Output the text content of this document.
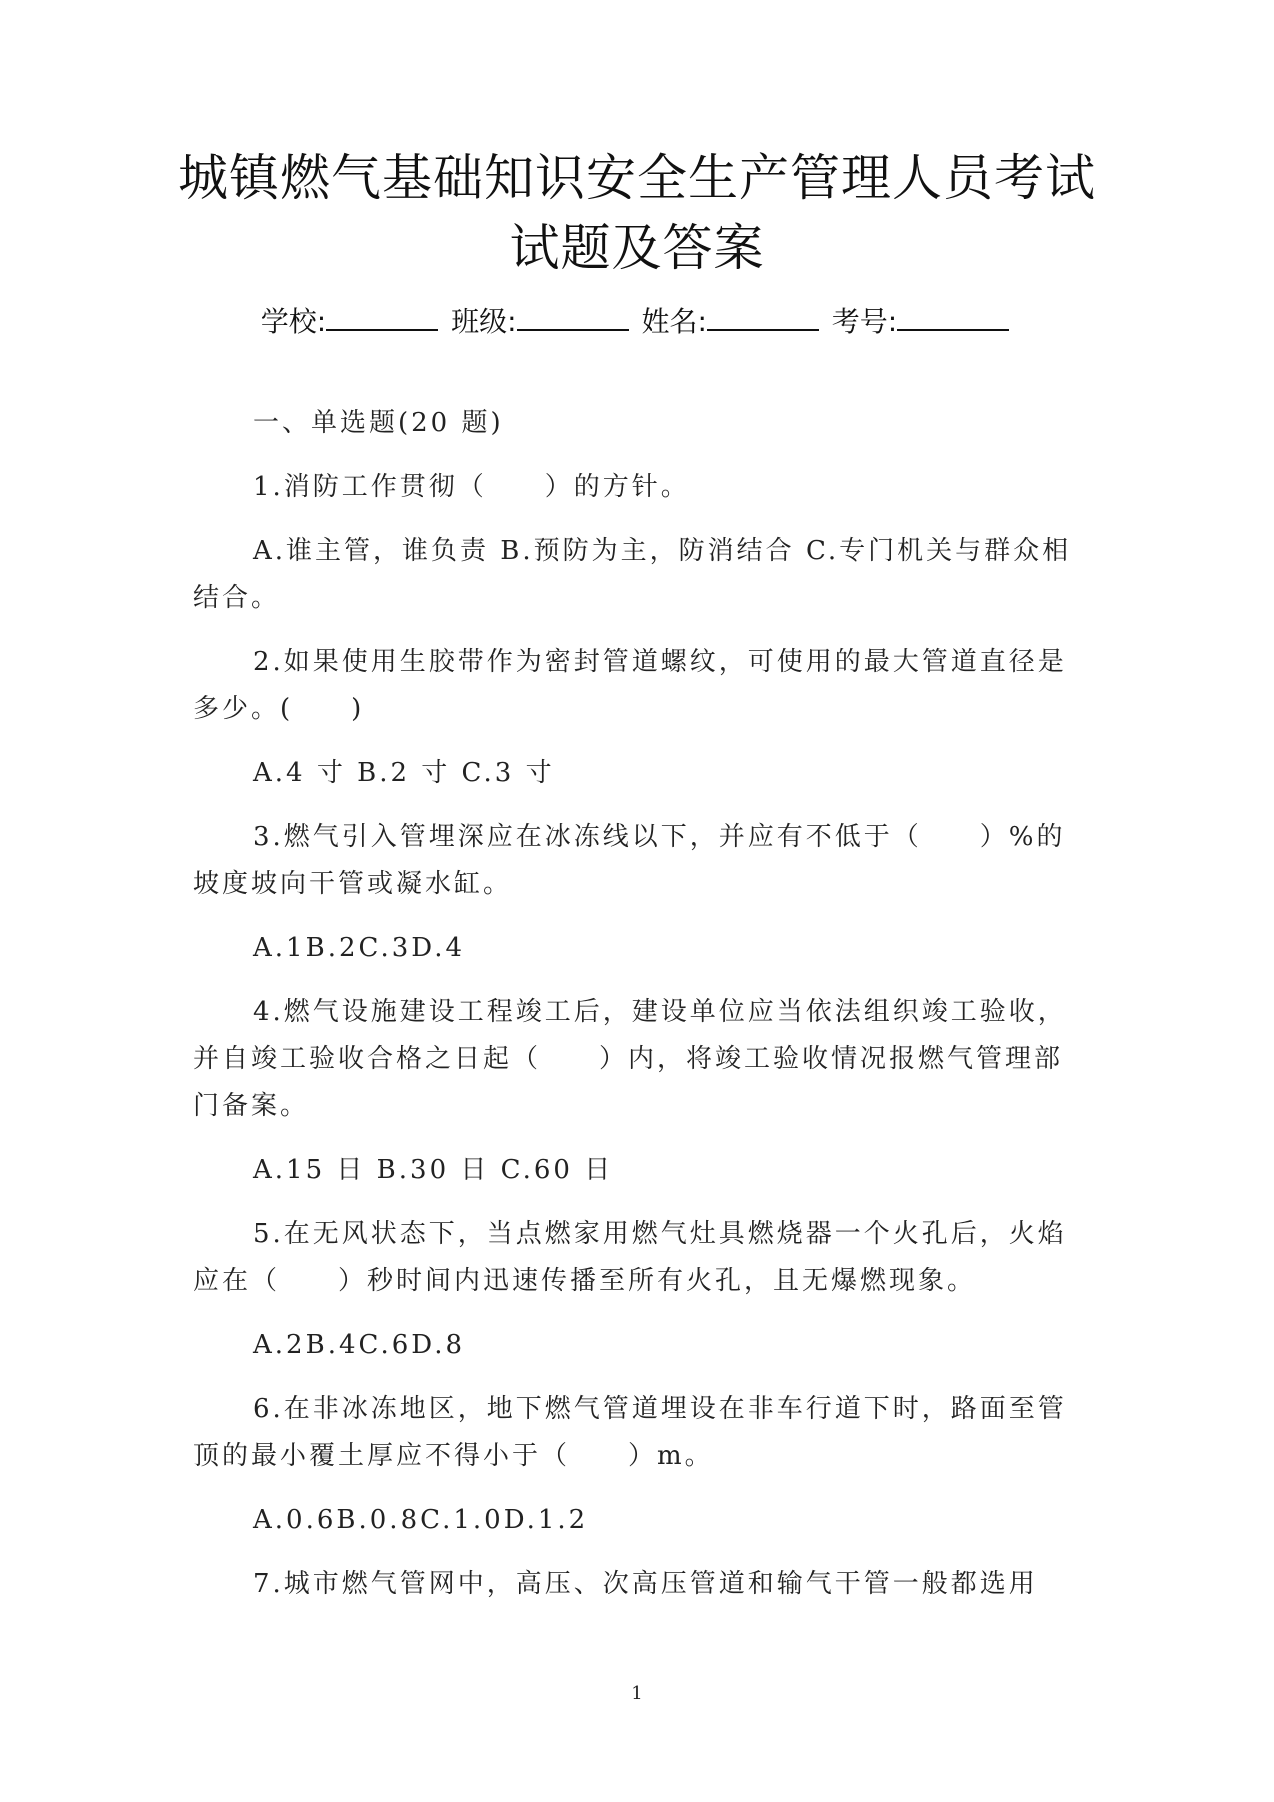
城镇燃气基础知识安全生产管理人员考试
试题及答案
学校:	班级:	姓名:	考号:
一、单选题(20 题)
1.消防工作贯彻（　　）的方针。
A.谁主管，谁负责 B.预防为主，防消结合 C.专门机关与群众相结合。
2.如果使用生胶带作为密封管道螺纹，可使用的最大管道直径是多少。(　　)
A.4 寸 B.2 寸 C.3 寸
3.燃气引入管埋深应在冰冻线以下，并应有不低于（　　）%的坡度坡向干管或凝水缸。
A.1B.2C.3D.4
4.燃气设施建设工程竣工后，建设单位应当依法组织竣工验收，并自竣工验收合格之日起（　　）内，将竣工验收情况报燃气管理部门备案。
A.15 日 B.30 日 C.60 日
5.在无风状态下，当点燃家用燃气灶具燃烧器一个火孔后，火焰应在（　　）秒时间内迅速传播至所有火孔，且无爆燃现象。
A.2B.4C.6D.8
6.在非冰冻地区，地下燃气管道埋设在非车行道下时，路面至管顶的最小覆土厚应不得小于（　　）m。
A.0.6B.0.8C.1.0D.1.2
7.城市燃气管网中，高压、次高压管道和输气干管一般都选用
1
